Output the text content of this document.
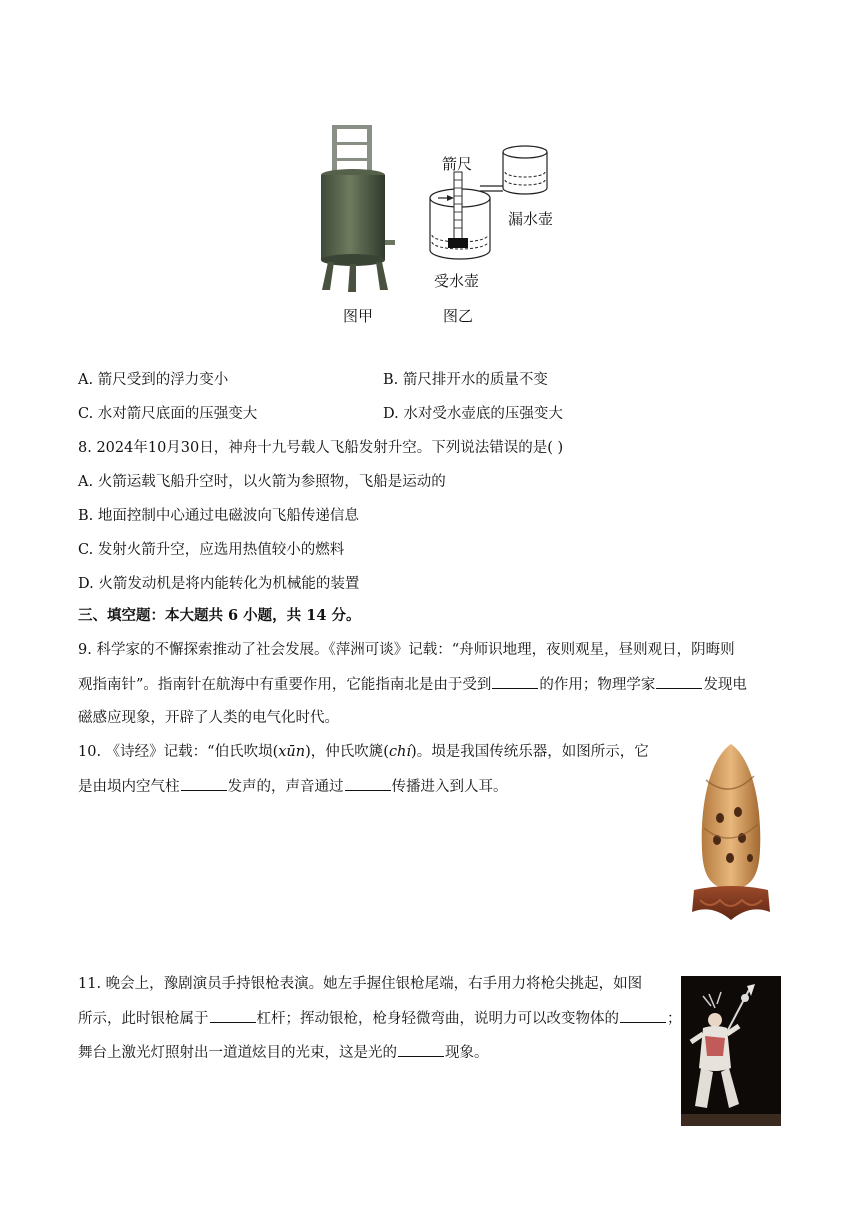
箭尺
漏水壶
受水壶
图甲	图乙
A. 箭尺受到的浮力变小	B. 箭尺排开水的质量不变
C. 水对箭尺底面的压强变大	D. 水对受水壶底的压强变大
8. 2024年10月30日，神舟十九号载人飞船发射升空。下列说法错误的是( )
A. 火箭运载飞船升空时，以火箭为参照物，飞船是运动的
B. 地面控制中心通过电磁波向飞船传递信息
C. 发射火箭升空，应选用热值较小的燃料
D. 火箭发动机是将内能转化为机械能的装置
三、填空题：本大题共 6 小题，共 14 分。
9. 科学家的不懈探索推动了社会发展。《萍洲可谈》记载：“舟师识地理，夜则观星，昼则观日，阴晦则
观指南针”。指南针在航海中有重要作用，它能指南北是由于受到	的作用；物理学家	发现电
磁感应现象，开辟了人类的电气化时代。
10. 《诗经》记载：“伯氏吹埙(xūn)，仲氏吹篪(chí)。埙是我国传统乐器，如图所示，它
是由埙内空气柱	发声的，声音通过	传播进入到人耳。
11. 晚会上，豫剧演员手持银枪表演。她左手握住银枪尾端，右手用力将枪尖挑起，如图
所示，此时银枪属于	杠杆；挥动银枪，枪身轻微弯曲，说明力可以改变物体的	；
舞台上激光灯照射出一道道炫目的光束，这是光的	现象。
